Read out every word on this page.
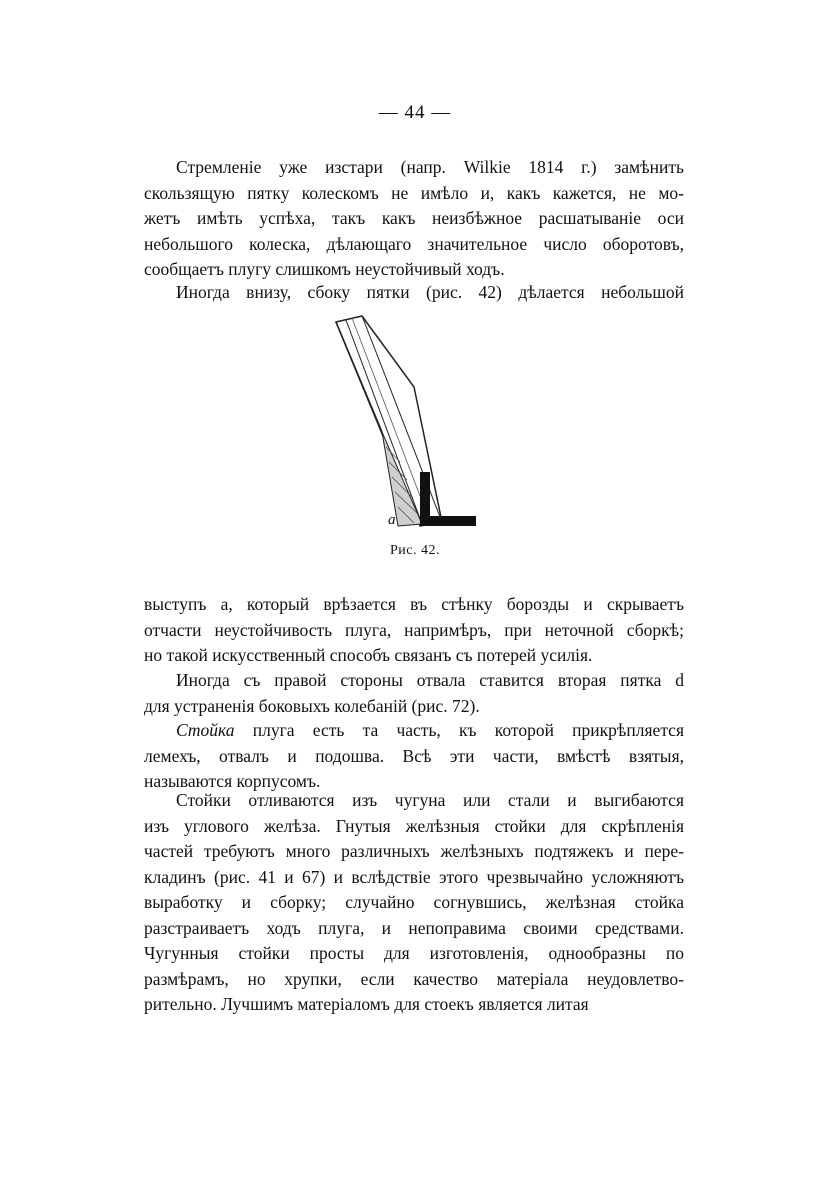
— 44 —

Стремленіе уже изстари (напр. Wilkie 1814 г.) замѣнить
скользящую пятку колескомъ не имѣло и, какъ кажется, не мо-
жетъ имѣть успѣха, такъ какъ неизбѣжное расшатываніе оси
небольшого колеска, дѣлающаго значительное число оборотовъ,
сообщаетъ плугу слишкомъ неустойчивый ходъ.

Иногда внизу, сбоку пятки (рис. 42) дѣлается небольшой

a
Рис. 42.

выступъ a, который врѣзается въ стѣнку борозды и скрываетъ
отчасти неустойчивость плуга, напримѣръ, при неточной сборкѣ;
но такой искусственный способъ связанъ съ потерей усилія.

Иногда съ правой стороны отвала ставится вторая пятка d
для устраненія боковыхъ колебаній (рис. 72).

Стойка плуга есть та часть, къ которой прикрѣпляется
лемехъ, отвалъ и подошва. Всѣ эти части, вмѣстѣ взятыя,
называются корпусомъ.

Стойки отливаются изъ чугуна или стали и выгибаются
изъ углового желѣза. Гнутыя желѣзныя стойки для скрѣпленія
частей требуютъ много различныхъ желѣзныхъ подтяжекъ и пере-
кладинъ (рис. 41 и 67) и вслѣдствіе этого чрезвычайно усложняютъ
выработку и сборку; случайно согнувшись, желѣзная стойка
разстраиваетъ ходъ плуга, и непоправима своими средствами.
Чугунныя стойки просты для изготовленія, однообразны по
размѣрамъ, но хрупки, если качество матеріала неудовлетво-
рительно. Лучшимъ матеріаломъ для стоекъ является литая
